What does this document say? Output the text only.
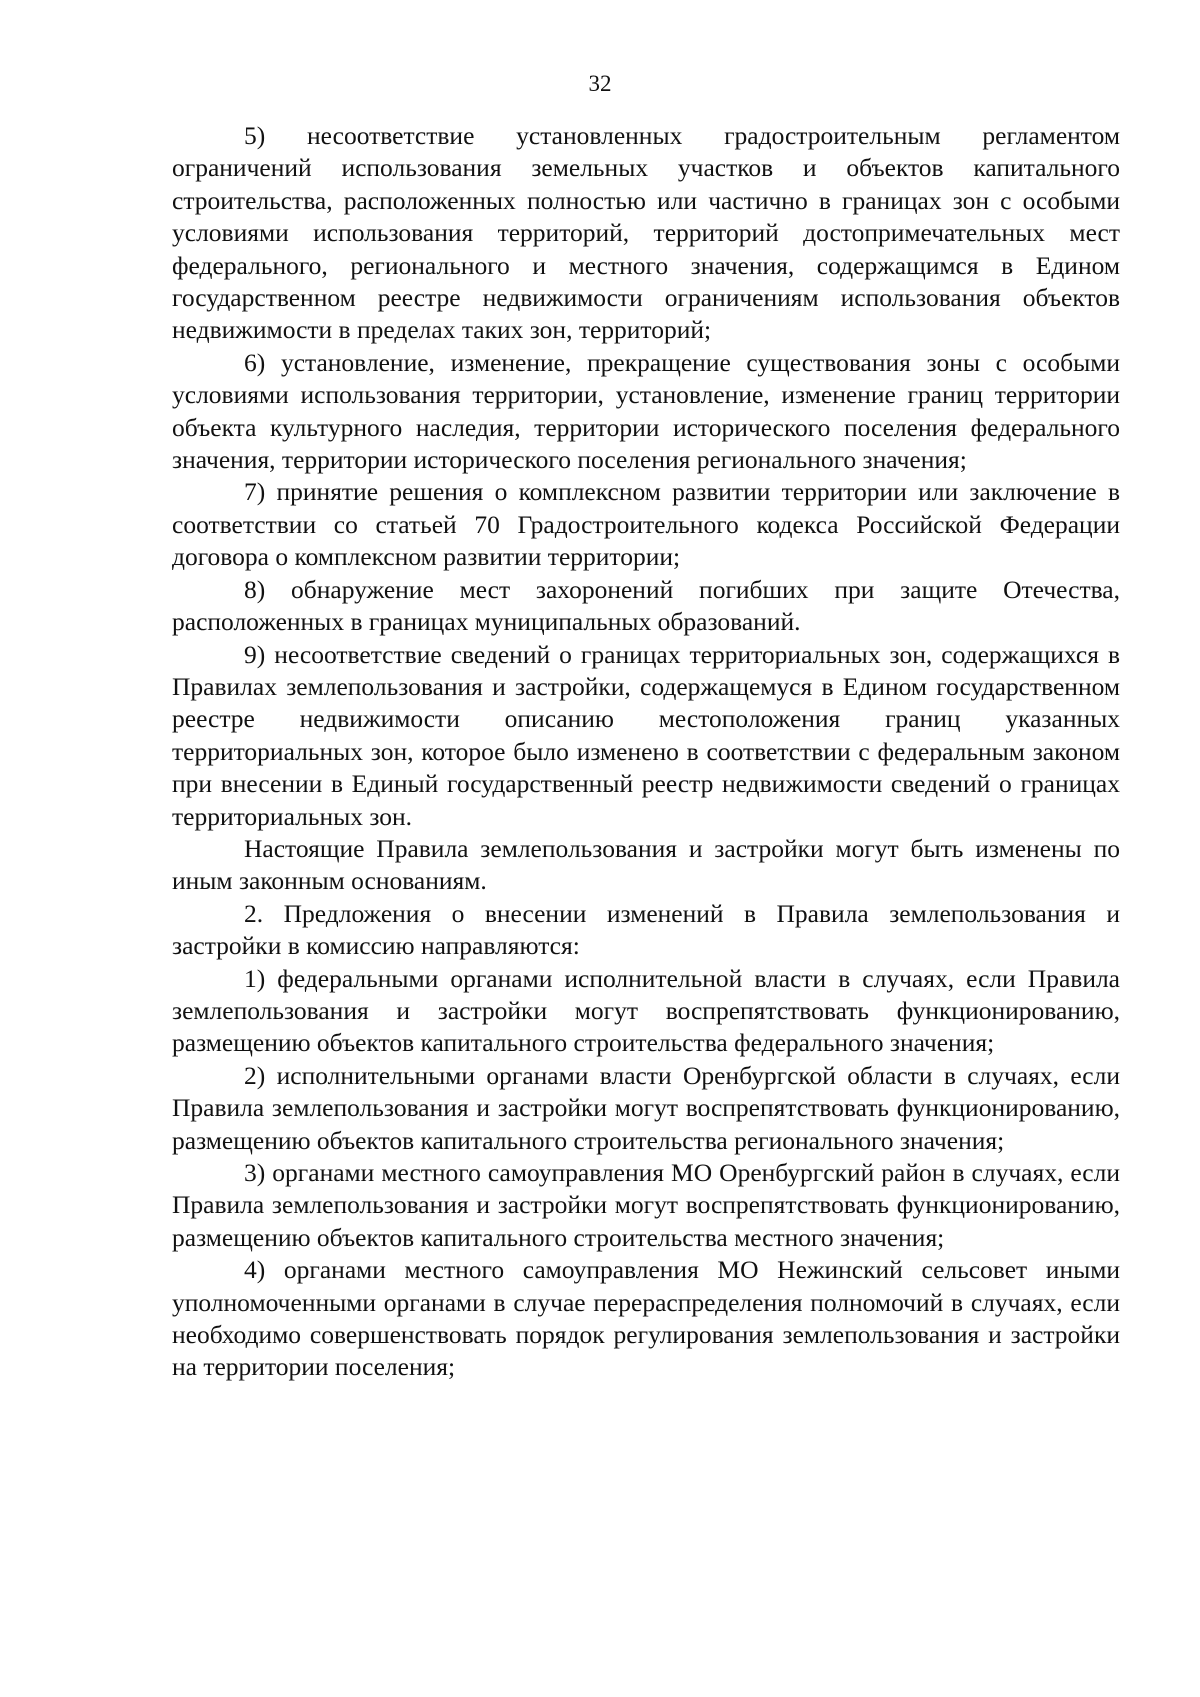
32

5) несоответствие установленных градостроительным регламентом ограничений использования земельных участков и объектов капитального строительства, расположенных полностью или частично в границах зон с особыми условиями использования территорий, территорий достопримечательных мест федерального, регионального и местного значения, содержащимся в Едином государственном реестре недвижимости ограничениям использования объектов недвижимости в пределах таких зон, территорий;

6) установление, изменение, прекращение существования зоны с особыми условиями использования территории, установление, изменение границ территории объекта культурного наследия, территории исторического поселения федерального значения, территории исторического поселения регионального значения;

7) принятие решения о комплексном развитии территории или заключение в соответствии со статьей 70 Градостроительного кодекса Российской Федерации договора о комплексном развитии территории;

8) обнаружение мест захоронений погибших при защите Отечества, расположенных в границах муниципальных образований.

9) несоответствие сведений о границах территориальных зон, содержащихся в Правилах землепользования и застройки, содержащемуся в Едином государственном реестре недвижимости описанию местоположения границ указанных территориальных зон, которое было изменено в соответствии с федеральным законом при внесении в Единый государственный реестр недвижимости сведений о границах территориальных зон.

Настоящие Правила землепользования и застройки могут быть изменены по иным законным основаниям.

2. Предложения о внесении изменений в Правила землепользования и застройки в комиссию направляются:

1) федеральными органами исполнительной власти в случаях, если Правила землепользования и застройки могут воспрепятствовать функционированию, размещению объектов капитального строительства федерального значения;

2) исполнительными органами власти Оренбургской области в случаях, если Правила землепользования и застройки могут воспрепятствовать функционированию, размещению объектов капитального строительства регионального значения;

3) органами местного самоуправления МО Оренбургский район в случаях, если Правила землепользования и застройки могут воспрепятствовать функционированию, размещению объектов капитального строительства местного значения;

4) органами местного самоуправления МО Нежинский сельсовет иными уполномоченными органами в случае перераспределения полномочий в случаях, если необходимо совершенствовать порядок регулирования землепользования и застройки на территории поселения;
